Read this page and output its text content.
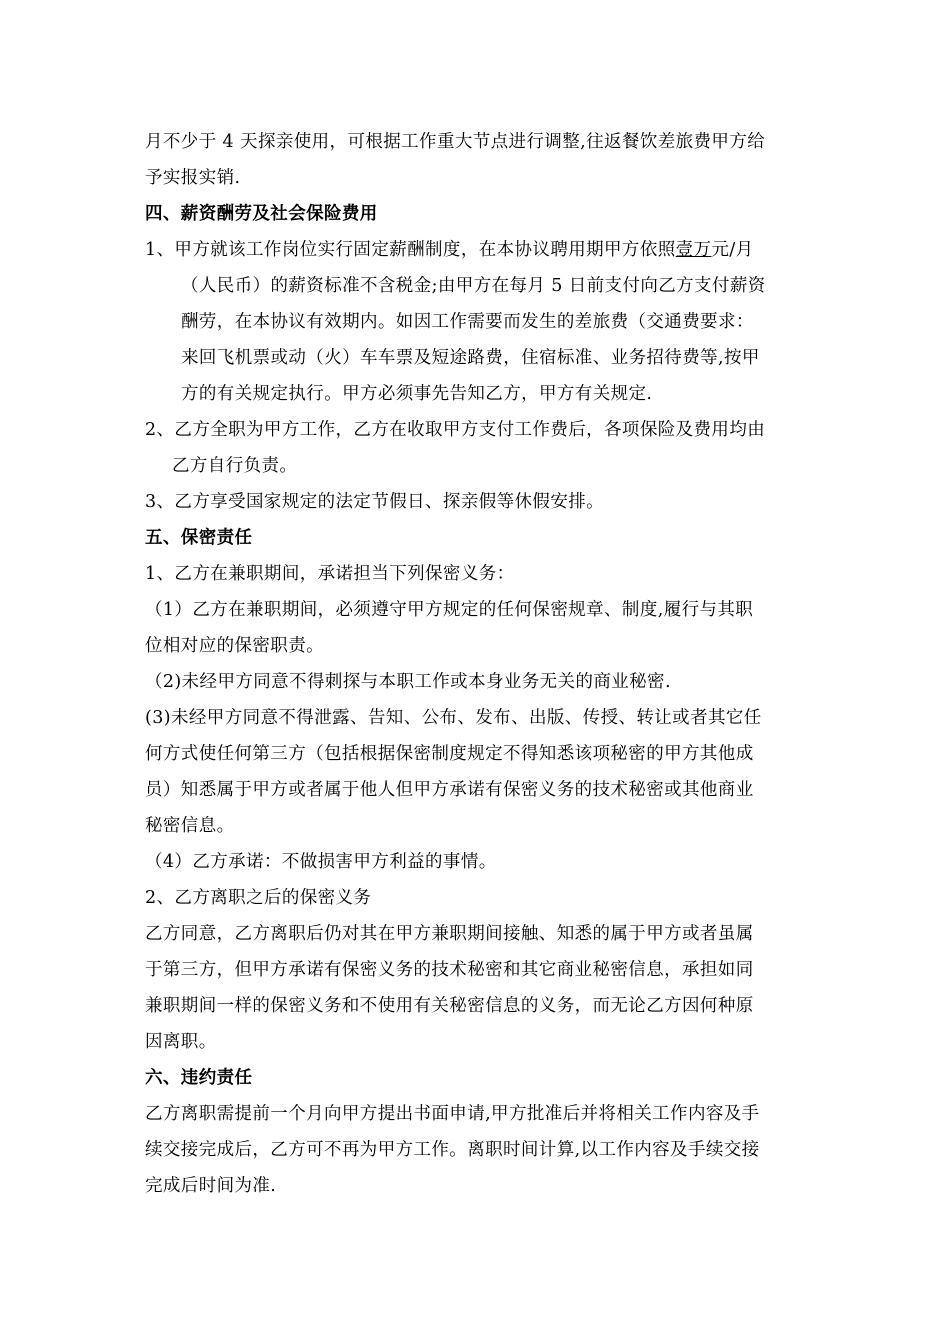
月不少于 4 天探亲使用，可根据工作重大节点进行调整,往返餐饮差旅费甲方给
予实报实销.
四、薪资酬劳及社会保险费用
1、甲方就该工作岗位实行固定薪酬制度，在本协议聘用期甲方依照壹万元/月
（人民币）的薪资标准不含税金;由甲方在每月 5 日前支付向乙方支付薪资
酬劳，在本协议有效期内。如因工作需要而发生的差旅费（交通费要求：
来回飞机票或动（火）车车票及短途路费，住宿标准、业务招待费等,按甲
方的有关规定执行。甲方必须事先告知乙方，甲方有关规定.
2、乙方全职为甲方工作，乙方在收取甲方支付工作费后，各项保险及费用均由
乙方自行负责。
3、乙方享受国家规定的法定节假日、探亲假等休假安排。
五、保密责任
1、乙方在兼职期间，承诺担当下列保密义务：
（1）乙方在兼职期间，必须遵守甲方规定的任何保密规章、制度,履行与其职
位相对应的保密职责。
（2)未经甲方同意不得刺探与本职工作或本身业务无关的商业秘密.
(3)未经甲方同意不得泄露、告知、公布、发布、出版、传授、转让或者其它任
何方式使任何第三方（包括根据保密制度规定不得知悉该项秘密的甲方其他成
员）知悉属于甲方或者属于他人但甲方承诺有保密义务的技术秘密或其他商业
秘密信息。
（4）乙方承诺：不做损害甲方利益的事情。
2、乙方离职之后的保密义务
乙方同意，乙方离职后仍对其在甲方兼职期间接触、知悉的属于甲方或者虽属
于第三方，但甲方承诺有保密义务的技术秘密和其它商业秘密信息，承担如同
兼职期间一样的保密义务和不使用有关秘密信息的义务，而无论乙方因何种原
因离职。
六、违约责任
乙方离职需提前一个月向甲方提出书面申请,甲方批准后并将相关工作内容及手
续交接完成后，乙方可不再为甲方工作。离职时间计算,以工作内容及手续交接
完成后时间为准.
